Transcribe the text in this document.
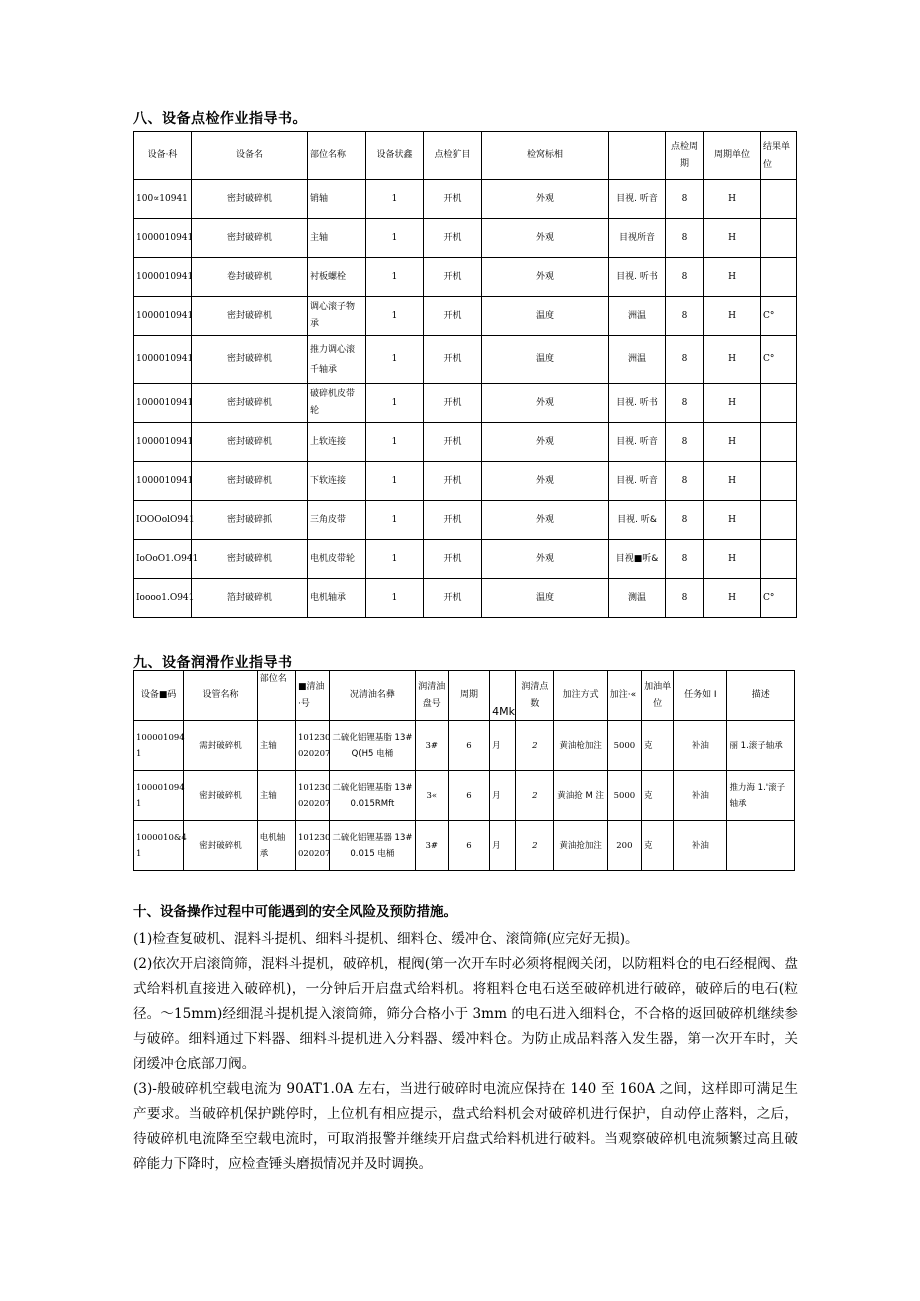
八、设备点检作业指导书。
设备·科	设备名	部位名称	设备状鑫	点检犷目	检窝标相		点检周期	周期单位	结果单位
100∝10941	密封破碎机	销轴	1	开机	外观	目视. 听音	8	H	
1000010941	密封破碎机	主轴	1	开机	外观	目视所音	8	H	
1000010941	卷封破碎机	衬板螺栓	1	开机	外观	目视. 听书	8	H	
1000010941	密封破碎机	调心滚子物承	1	开机	温度	洲温	8	H	C°
1000010941	密封破碎机	推力调心滚千轴承	1	开机	温度	洲温	8	H	C°
1000010941	密封破碎机	破碎机皮带轮	1	开机	外观	目视. 听书	8	H	
1000010941	密封破碎机	上软连接	1	开机	外观	目视. 听音	8	H	
1000010941	密封破碎机	下软连接	1	开机	外观	目视. 听音	8	H	
IOOOolO941	密封破碎抓	三角皮带	1	开机	外观	目视. 听&	8	H	
IoOoO1.O941	密封破碎机	电机皮带轮	1	开机	外观	目视■听&	8	H	
Ioooo1.O941	箔封破碎机	电机轴承	1	开机	温度	测温	8	H	C°
九、设备润滑作业指导书
设备■码	设管名称	部位名	■清油·号	况清油名彝	润清油盘号	周期	4Mk	润清点数	加注方式	加注·«	加油单位	任务如 I	描述
100001094 1	需封破碎机	主轴	101230 020207	二硫化铝锂基脂 13# Q(H5 电桶	3#	6	月	2	黄油枪加注	5000	克	补油	丽 1.滚子轴承
100001094 1	密封破碎机	主轴	101230 020207	二硫化铝锂基脂 13# 0.015RMft	3«	6	月	2	黄油抢 M 注	5000	克	补油	推力海 1.'滚子轴承
1000010&4 1	密封破碎机	电机轴承	101230 020207	二硫化铝锂基器 13# 0.015 电桶	3#	6	月	2	黄油抢加注	200	克	补油	

十、设备操作过程中可能遇到的安全风险及预防措施。

(1)检查复破机、混料斗提机、细料斗提机、细料仓、缓冲仓、滚筒筛(应完好无损)。

(2)依次开启滚筒筛，混料斗提机，破碎机，棍阀(第一次开车时必须将棍阀关闭，以防粗料仓的电石经棍阀、盘式给料机直接进入破碎机)，一分钟后开启盘式给料机。将粗料仓电石送至破碎机进行破碎，破碎后的电石(粒径。～15mm)经细混斗提机提入滚筒筛，筛分合格小于 3mm 的电石进入细料仓，不合格的返回破碎机继续参与破碎。细料通过下料器、细料斗提机进入分料器、缓冲料仓。为防止成品料落入发生器，第一次开车时，关闭缓冲仓底部刀阀。

(3)-般破碎机空载电流为 90AT1.0A 左右，当进行破碎时电流应保持在 140 至 160A 之间，这样即可满足生产要求。当破碎机保护跳停时，上位机有相应提示，盘式给料机会对破碎机进行保护，自动停止落料，之后，待破碎机电流降至空载电流时，可取消报警并继续开启盘式给料机进行破料。当观察破碎机电流频繁过高且破碎能力下降时，应检查锤头磨损情况并及时调换。
